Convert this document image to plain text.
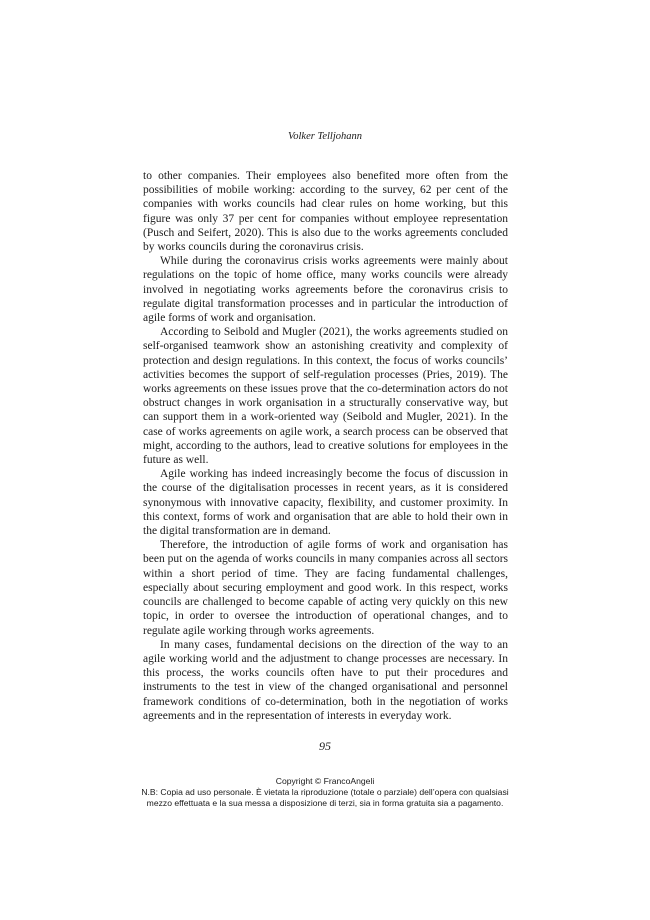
Volker Telljohann

to other companies. Their employees also benefited more often from the possibilities of mobile working: according to the survey, 62 per cent of the companies with works councils had clear rules on home working, but this figure was only 37 per cent for companies without employee representation (Pusch and Seifert, 2020). This is also due to the works agreements concluded by works councils during the coronavirus crisis.

While during the coronavirus crisis works agreements were mainly about regulations on the topic of home office, many works councils were already involved in negotiating works agreements before the coronavirus crisis to regulate digital transformation processes and in particular the introduction of agile forms of work and organisation.

According to Seibold and Mugler (2021), the works agreements studied on self-organised teamwork show an astonishing creativity and complexity of protection and design regulations. In this context, the focus of works councils’ activities becomes the support of self-regulation processes (Pries, 2019). The works agreements on these issues prove that the co-determination actors do not obstruct changes in work organisation in a structurally conservative way, but can support them in a work-oriented way (Seibold and Mugler, 2021). In the case of works agreements on agile work, a search process can be observed that might, according to the authors, lead to creative solutions for employees in the future as well.

Agile working has indeed increasingly become the focus of discussion in the course of the digitalisation processes in recent years, as it is considered synonymous with innovative capacity, flexibility, and customer proximity. In this context, forms of work and organisation that are able to hold their own in the digital transformation are in demand.

Therefore, the introduction of agile forms of work and organisation has been put on the agenda of works councils in many companies across all sectors within a short period of time. They are facing fundamental challenges, especially about securing employment and good work. In this respect, works councils are challenged to become capable of acting very quickly on this new topic, in order to oversee the introduction of operational changes, and to regulate agile working through works agreements.

In many cases, fundamental decisions on the direction of the way to an agile working world and the adjustment to change processes are necessary. In this process, the works councils often have to put their procedures and instruments to the test in view of the changed organisational and personnel framework conditions of co-determination, both in the negotiation of works agreements and in the representation of interests in everyday work.

95
Copyright © FrancoAngeli
N.B: Copia ad uso personale. È vietata la riproduzione (totale o parziale) dell’opera con qualsiasi
mezzo effettuata e la sua messa a disposizione di terzi, sia in forma gratuita sia a pagamento.
